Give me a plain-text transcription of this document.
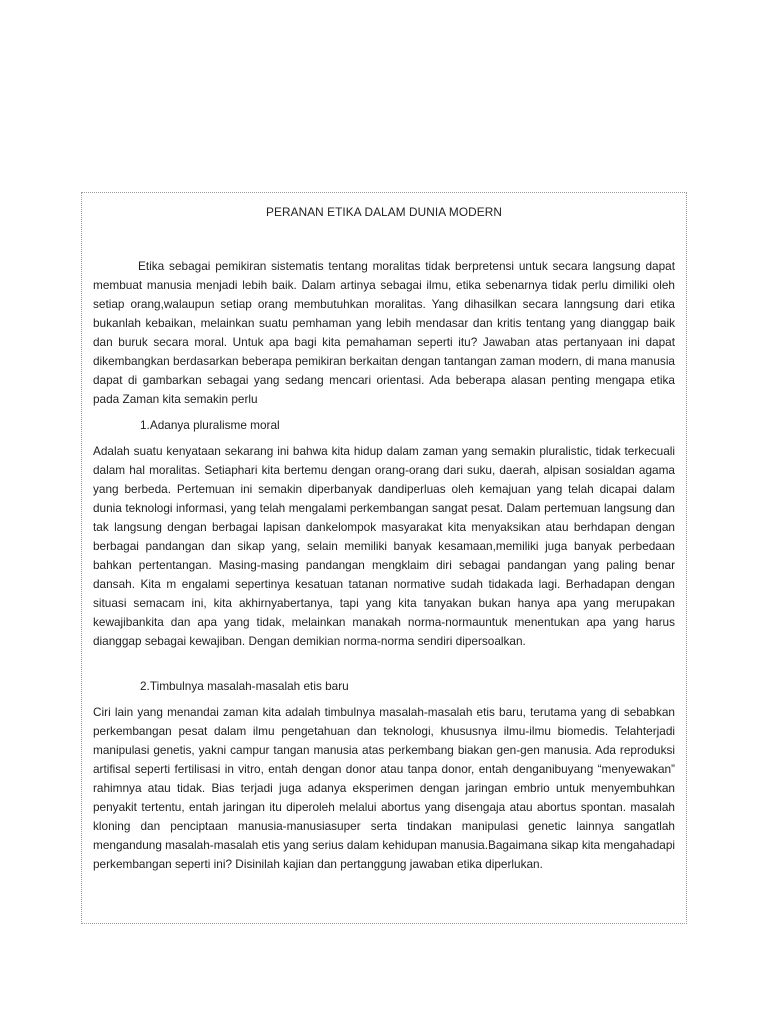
PERANAN ETIKA DALAM DUNIA MODERN

Etika sebagai pemikiran sistematis tentang moralitas tidak berpretensi untuk secara langsung dapat membuat manusia menjadi lebih baik. Dalam artinya sebagai ilmu, etika sebenarnya tidak perlu dimiliki oleh setiap orang,walaupun setiap orang membutuhkan moralitas. Yang dihasilkan secara lanngsung dari etika bukanlah kebaikan, melainkan suatu pemhaman yang lebih mendasar dan kritis tentang yang dianggap baik dan buruk secara moral. Untuk apa bagi kita pemahaman seperti itu? Jawaban atas pertanyaan ini dapat dikembangkan berdasarkan beberapa pemikiran berkaitan dengan tantangan zaman modern, di mana manusia dapat di gambarkan sebagai yang sedang mencari orientasi. Ada beberapa alasan penting mengapa etika pada Zaman kita semakin perlu

1.Adanya pluralisme moral

Adalah suatu kenyataan sekarang ini bahwa kita hidup dalam zaman yang semakin pluralistic, tidak terkecuali dalam hal moralitas. Setiaphari kita bertemu dengan orang-orang dari suku, daerah, alpisan sosialdan agama yang berbeda. Pertemuan ini semakin diperbanyak dandiperluas oleh kemajuan yang telah dicapai dalam dunia teknologi informasi, yang telah mengalami perkembangan sangat pesat. Dalam pertemuan langsung dan tak langsung dengan berbagai lapisan dankelompok masyarakat kita menyaksikan atau berhdapan dengan berbagai pandangan dan sikap yang, selain memiliki banyak kesamaan,memiliki juga banyak perbedaan bahkan pertentangan. Masing-masing pandangan mengklaim diri sebagai pandangan yang paling benar dansah. Kita m engalami sepertinya kesatuan tatanan normative sudah tidakada lagi. Berhadapan dengan situasi semacam ini, kita akhirnyabertanya, tapi yang kita tanyakan bukan hanya apa yang merupakan kewajibankita dan apa yang tidak, melainkan manakah norma-normauntuk menentukan apa yang harus dianggap sebagai kewajiban. Dengan demikian norma-norma sendiri dipersoalkan.

2.Timbulnya masalah-masalah etis baru

Ciri lain yang menandai zaman kita adalah timbulnya masalah-masalah etis baru, terutama yang di sebabkan perkembangan pesat dalam ilmu pengetahuan dan teknologi, khususnya ilmu-ilmu biomedis. Telahterjadi manipulasi genetis, yakni campur tangan manusia atas perkembang biakan gen-gen manusia. Ada reproduksi artifisal seperti fertilisasi in vitro, entah dengan donor atau tanpa donor, entah denganibuyang “menyewakan” rahimnya atau tidak. Bias terjadi juga adanya eksperimen dengan jaringan embrio untuk menyembuhkan penyakit tertentu, entah jaringan itu diperoleh melalui abortus yang disengaja atau abortus spontan. masalah kloning dan penciptaan manusia-manusiasuper serta tindakan manipulasi genetic lainnya sangatlah mengandung masalah-masalah etis yang serius dalam kehidupan manusia.Bagaimana sikap kita mengahadapi perkembangan seperti ini? Disinilah kajian dan pertanggung jawaban etika diperlukan.
